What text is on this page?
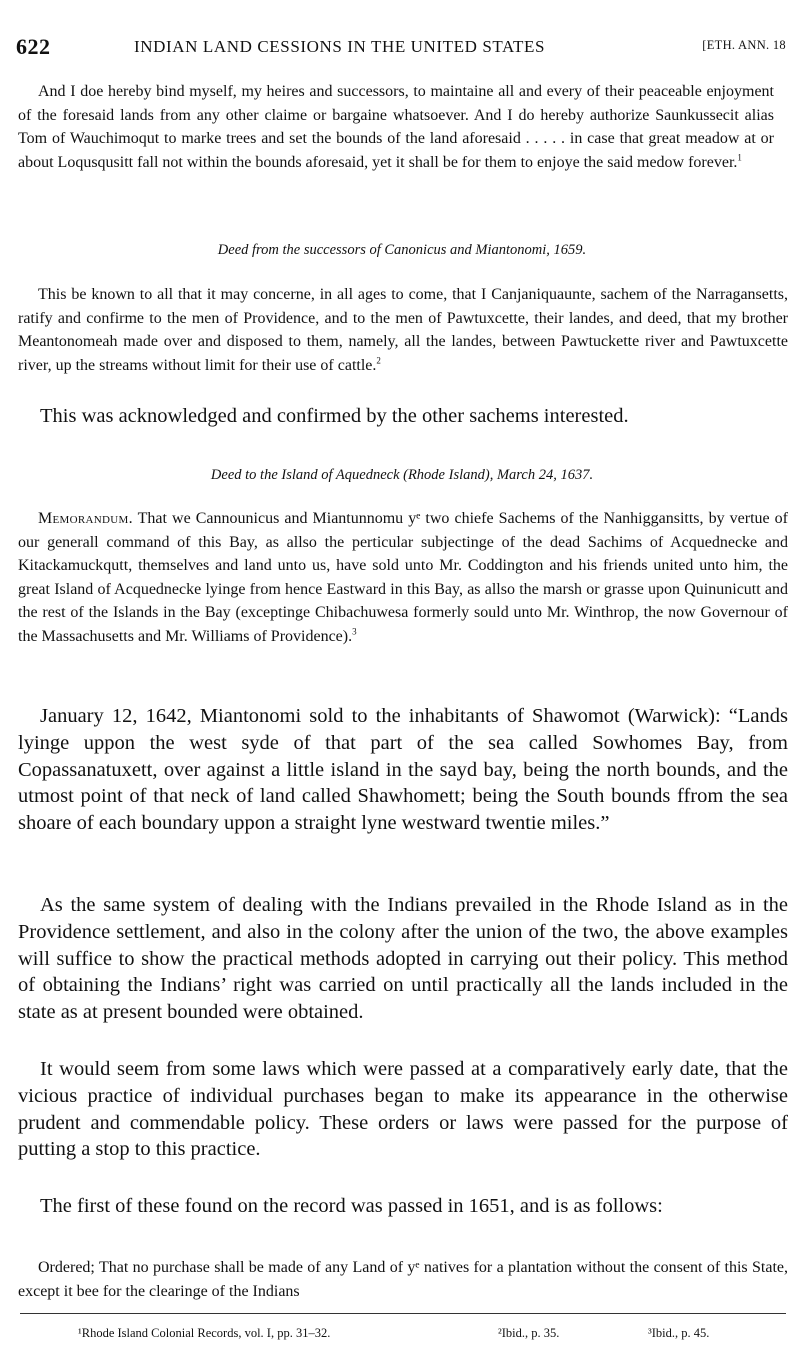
622	INDIAN LAND CESSIONS IN THE UNITED STATES	[ETH. ANN. 18

And I doe hereby bind myself, my heires and successors, to maintaine all and every of their peaceable enjoyment of the foresaid lands from any other claime or bargaine whatsoever. And I do hereby authorize Saunkussecit alias Tom of Wauchimoqut to marke trees and set the bounds of the land aforesaid . . . . . in case that great meadow at or about Loqusqusitt fall not within the bounds aforesaid, yet it shall be for them to enjoye the said medow forever.$^1$

Deed from the successors of Canonicus and Miantonomi, 1659.

This be known to all that it may concerne, in all ages to come, that I Canjaniquaunte, sachem of the Narragansetts, ratify and confirme to the men of Providence, and to the men of Pawtuxcette, their landes, and deed, that my brother Meantonomeah made over and disposed to them, namely, all the landes, between Pawtuckette river and Pawtuxcette river, up the streams without limit for their use of cattle.$^2$

This was acknowledged and confirmed by the other sachems interested.

Deed to the Island of Aquedneck (Rhode Island), March 24, 1637.

Memorandum. That we Cannounicus and Miantunnomu yᵉ two chiefe Sachems of the Nanhiggansitts, by vertue of our generall command of this Bay, as allso the perticular subjectinge of the dead Sachims of Acquednecke and Kitackamuckqutt, themselves and land unto us, have sold unto Mr. Coddington and his friends united unto him, the great Island of Acquednecke lyinge from hence Eastward in this Bay, as allso the marsh or grasse upon Quinunicutt and the rest of the Islands in the Bay (exceptinge Chibachuwesa formerly sould unto Mr. Winthrop, the now Governour of the Massachusetts and Mr. Williams of Providence).$^3$

January 12, 1642, Miantonomi sold to the inhabitants of Shawomot (Warwick): “Lands lyinge uppon the west syde of that part of the sea called Sowhomes Bay, from Copassanatuxett, over against a little island in the sayd bay, being the north bounds, and the utmost point of that neck of land called Shawhomett; being the South bounds ffrom the sea shoare of each boundary uppon a straight lyne westward twentie miles.”

As the same system of dealing with the Indians prevailed in the Rhode Island as in the Providence settlement, and also in the colony after the union of the two, the above examples will suffice to show the practical methods adopted in carrying out their policy. This method of obtaining the Indians’ right was carried on until practically all the lands included in the state as at present bounded were obtained.

It would seem from some laws which were passed at a comparatively early date, that the vicious practice of individual purchases began to make its appearance in the otherwise prudent and commendable policy. These orders or laws were passed for the purpose of putting a stop to this practice.

The first of these found on the record was passed in 1651, and is as follows:

Ordered; That no purchase shall be made of any Land of yᵉ natives for a plantation without the consent of this State, except it bee for the clearinge of the Indians

¹Rhode Island Colonial Records, vol. I, pp. 31–32.	²Ibid., p. 35.	³Ibid., p. 45.
